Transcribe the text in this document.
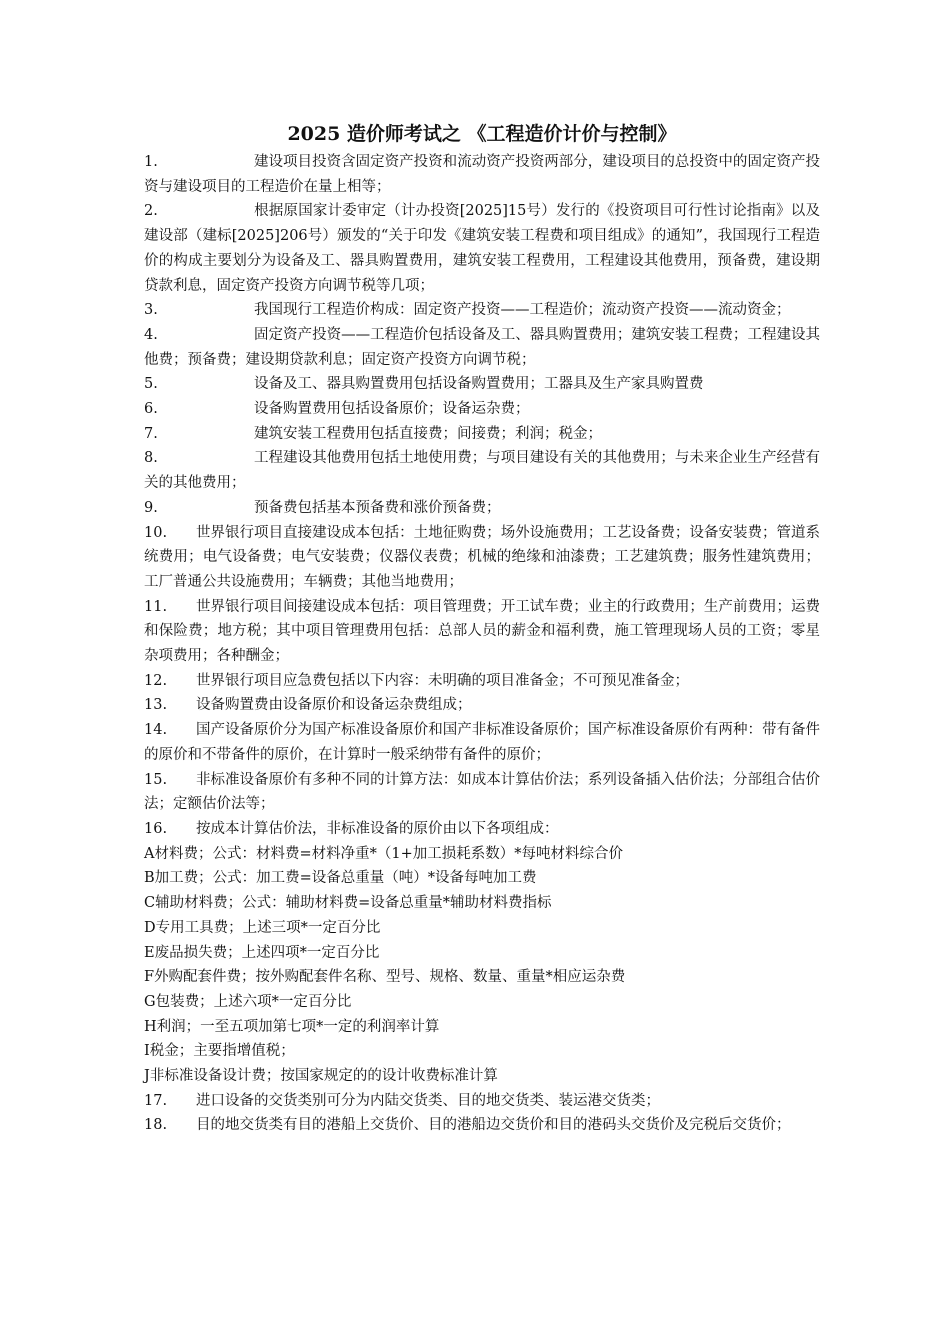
2025 造价师考试之 《工程造价计价与控制》
1.	建设项目投资含固定资产投资和流动资产投资两部分，建设项目的总投资中的固定资产投资与建设项目的工程造价在量上相等；
2.	根据原国家计委审定（计办投资[2025]15号）发行的《投资项目可行性讨论指南》以及建设部（建标[2025]206号）颁发的“关于印发《建筑安装工程费和项目组成》的通知”，我国现行工程造价的构成主要划分为设备及工、器具购置费用，建筑安装工程费用，工程建设其他费用，预备费，建设期贷款利息，固定资产投资方向调节税等几项；
3.	我国现行工程造价构成：固定资产投资——工程造价；流动资产投资——流动资金；
4.	固定资产投资——工程造价包括设备及工、器具购置费用；建筑安装工程费；工程建设其他费；预备费；建设期贷款利息；固定资产投资方向调节税；
5.	设备及工、器具购置费用包括设备购置费用；工器具及生产家具购置费
6.	设备购置费用包括设备原价；设备运杂费；
7.	建筑安装工程费用包括直接费；间接费；利润；税金；
8.	工程建设其他费用包括土地使用费；与项目建设有关的其他费用；与未来企业生产经营有关的其他费用；
9.	预备费包括基本预备费和涨价预备费；
10. 世界银行项目直接建设成本包括：土地征购费；场外设施费用；工艺设备费；设备安装费；管道系统费用；电气设备费；电气安装费；仪器仪表费；机械的绝缘和油漆费；工艺建筑费；服务性建筑费用；工厂普通公共设施费用；车辆费；其他当地费用；
11. 世界银行项目间接建设成本包括：项目管理费；开工试车费；业主的行政费用；生产前费用；运费和保险费；地方税；其中项目管理费用包括：总部人员的薪金和福利费，施工管理现场人员的工资；零星杂项费用；各种酬金；
12. 世界银行项目应急费包括以下内容：未明确的项目准备金；不可预见准备金；
13. 设备购置费由设备原价和设备运杂费组成；
14. 国产设备原价分为国产标准设备原价和国产非标准设备原价；国产标准设备原价有两种：带有备件的原价和不带备件的原价，在计算时一般采纳带有备件的原价；
15. 非标准设备原价有多种不同的计算方法：如成本计算估价法；系列设备插入估价法；分部组合估价法；定额估价法等；
16. 按成本计算估价法，非标准设备的原价由以下各项组成：
A材料费；公式：材料费=材料净重*（1+加工损耗系数）*每吨材料综合价
B加工费；公式：加工费=设备总重量（吨）*设备每吨加工费
C辅助材料费；公式：辅助材料费=设备总重量*辅助材料费指标
D专用工具费；上述三项*一定百分比
E废品损失费；上述四项*一定百分比
F外购配套件费；按外购配套件名称、型号、规格、数量、重量*相应运杂费
G包装费；上述六项*一定百分比
H利润；一至五项加第七项*一定的利润率计算
I税金；主要指增值税；
J非标准设备设计费；按国家规定的的设计收费标准计算
17. 进口设备的交货类别可分为内陆交货类、目的地交货类、装运港交货类；
18. 目的地交货类有目的港船上交货价、目的港船边交货价和目的港码头交货价及完税后交货价；
